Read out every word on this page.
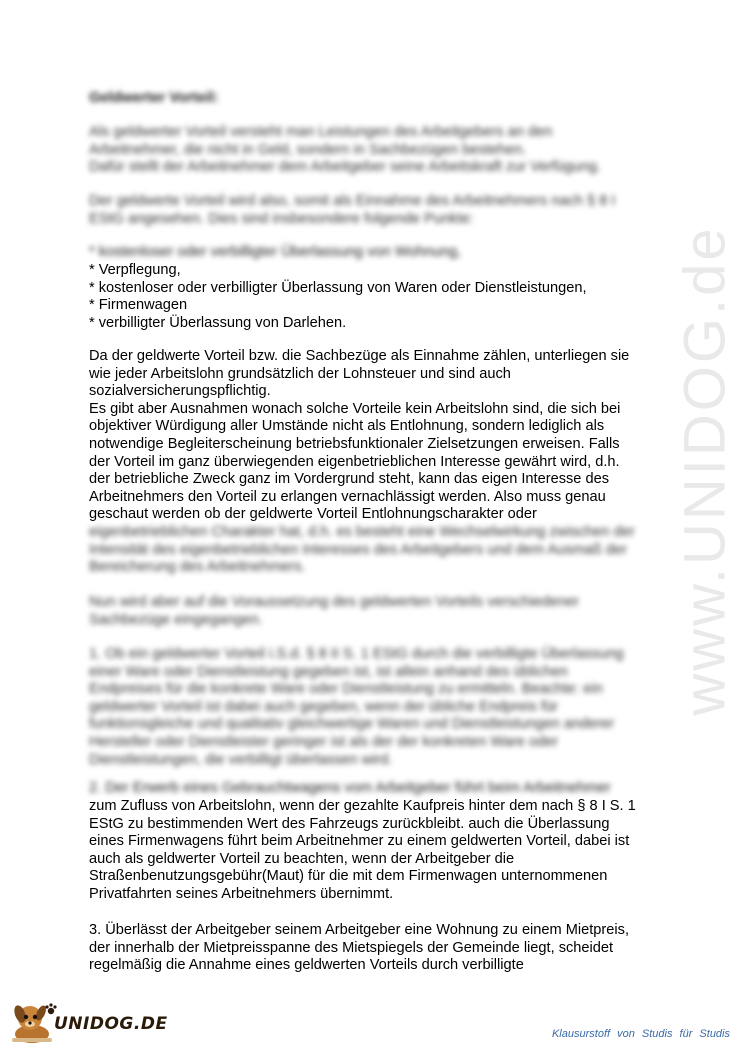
Geldwerter Vorteil:

Als geldwerter Vorteil versteht man Leistungen des Arbeitgebers an den
Arbeitnehmer, die nicht in Geld, sondern in Sachbezügen bestehen.
Dafür stellt der Arbeitnehmer dem Arbeitgeber seine Arbeitskraft zur Verfügung.

Der geldwerte Vorteil wird also, somit als Einnahme des Arbeitnehmers nach § 8 I
EStG angesehen. Dies sind insbesondere folgende Punkte:

* kostenloser oder verbilligter Überlassung von Wohnung,

* Verpflegung,
* kostenloser oder verbilligter Überlassung von Waren oder Dienstleistungen,
* Firmenwagen
* verbilligter Überlassung von Darlehen.

Da der geldwerte Vorteil bzw. die Sachbezüge als Einnahme zählen, unterliegen sie
wie jeder Arbeitslohn grundsätzlich der Lohnsteuer und sind auch
sozialversicherungspflichtig.
Es gibt aber Ausnahmen wonach solche Vorteile kein Arbeitslohn sind, die sich bei
objektiver Würdigung aller Umstände nicht als Entlohnung, sondern lediglich als
notwendige Begleiterscheinung betriebsfunktionaler Zielsetzungen erweisen. Falls
der Vorteil im ganz überwiegenden eigenbetrieblichen Interesse gewährt wird, d.h.
der betriebliche Zweck ganz im Vordergrund steht, kann das eigen Interesse des
Arbeitnehmers den Vorteil zu erlangen vernachlässigt werden. Also muss genau
geschaut werden ob der geldwerte Vorteil Entlohnungscharakter oder

eigenbetrieblichen Charakter hat, d.h. es besteht eine Wechselwirkung zwischen der
Intensität des eigenbetrieblichen Interesses des Arbeitgebers und dem Ausmaß der
Bereicherung des Arbeitnehmers.

Nun wird aber auf die Voraussetzung des geldwerten Vorteils verschiedener
Sachbezüge eingegangen.

1. Ob ein geldwerter Vorteil i.S.d. § 8 II S. 1 EStG durch die verbilligte Überlassung
einer Ware oder Dienstleistung gegeben ist, ist allein anhand des üblichen
Endpreises für die konkrete Ware oder Dienstleistung zu ermitteln. Beachte: ein
geldwerter Vorteil ist dabei auch gegeben, wenn der übliche Endpreis für
funktionsgleiche und qualitativ gleichwertige Waren und Dienstleistungen anderer
Hersteller oder Dienstleister geringer ist als der der konkreten Ware oder
Dienstleistungen, die verbilligt überlassen wird.

2. Der Erwerb eines Gebrauchtwagens vom Arbeitgeber führt beim Arbeitnehmer

zum Zufluss von Arbeitslohn, wenn der gezahlte Kaufpreis hinter dem nach § 8 I S. 1
EStG zu bestimmenden Wert des Fahrzeugs zurückbleibt. auch die Überlassung
eines Firmenwagens führt beim Arbeitnehmer zu einem geldwerten Vorteil, dabei ist
auch als geldwerter Vorteil zu beachten, wenn der Arbeitgeber die
Straßenbenutzungsgebühr(Maut) für die mit dem Firmenwagen unternommenen
Privatfahrten seines Arbeitnehmers übernimmt.

3. Überlässt der Arbeitgeber seinem Arbeitgeber eine Wohnung zu einem Mietpreis,
der innerhalb der Mietpreisspanne des Mietspiegels der Gemeinde liegt, scheidet
regelmäßig die Annahme eines geldwerten Vorteils durch verbilligte

www.UNIDOG.de
UNIDOG.DE	Klausurstoff von Studis für Studis
